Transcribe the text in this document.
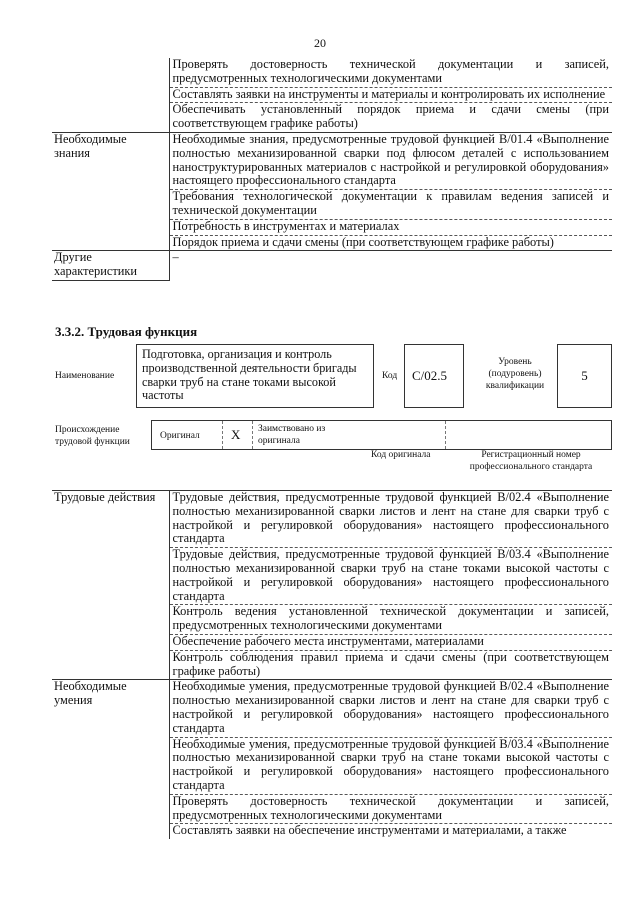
20
	Проверять достоверность технической документации и записей, предусмотренных технологическими документами
	Составлять заявки на инструменты и материалы и контролировать их исполнение
	Обеспечивать установленный порядок приема и сдачи смены (при соответствующем графике работы)
Необходимые знания	Необходимые знания, предусмотренные трудовой функцией В/01.4 «Выполнение полностью механизированной сварки под флюсом деталей с использованием наноструктурированных материалов с настройкой и регулировкой оборудования» настоящего профессионального стандарта
	Требования технологической документации к правилам ведения записей и технической документации
	Потребность в инструментах и материалах
	Порядок приема и сдачи смены (при соответствующем графике работы)
Другие характеристики	–
3.3.2. Трудовая функция
Наименование
Подготовка, организация и контроль производственной деятельности бригады сварки труб на стане токами высокой частоты
Код C/02.5
Уровень (подуровень) квалификации
5
Происхождение трудовой функции
Оригинал X Заимствовано из оригинала
Код оригинала	Регистрационный номер профессионального стандарта
Трудовые действия	Трудовые действия, предусмотренные трудовой функцией В/02.4 «Выполнение полностью механизированной сварки листов и лент на стане для сварки труб с настройкой и регулировкой оборудования» настоящего профессионального стандарта
	Трудовые действия, предусмотренные трудовой функцией В/03.4 «Выполнение полностью механизированной сварки труб на стане токами высокой частоты с настройкой и регулировкой оборудования» настоящего профессионального стандарта
	Контроль ведения установленной технической документации и записей, предусмотренных технологическими документами
	Обеспечение рабочего места инструментами, материалами
	Контроль соблюдения правил приема и сдачи смены (при соответствующем графике работы)
Необходимые умения	Необходимые умения, предусмотренные трудовой функцией В/02.4 «Выполнение полностью механизированной сварки листов и лент на стане для сварки труб с настройкой и регулировкой оборудования» настоящего профессионального стандарта
	Необходимые умения, предусмотренные трудовой функцией В/03.4 «Выполнение полностью механизированной сварки труб на стане токами высокой частоты с настройкой и регулировкой оборудования» настоящего профессионального стандарта
	Проверять достоверность технической документации и записей, предусмотренных технологическими документами
	Составлять заявки на обеспечение инструментами и материалами, а также
